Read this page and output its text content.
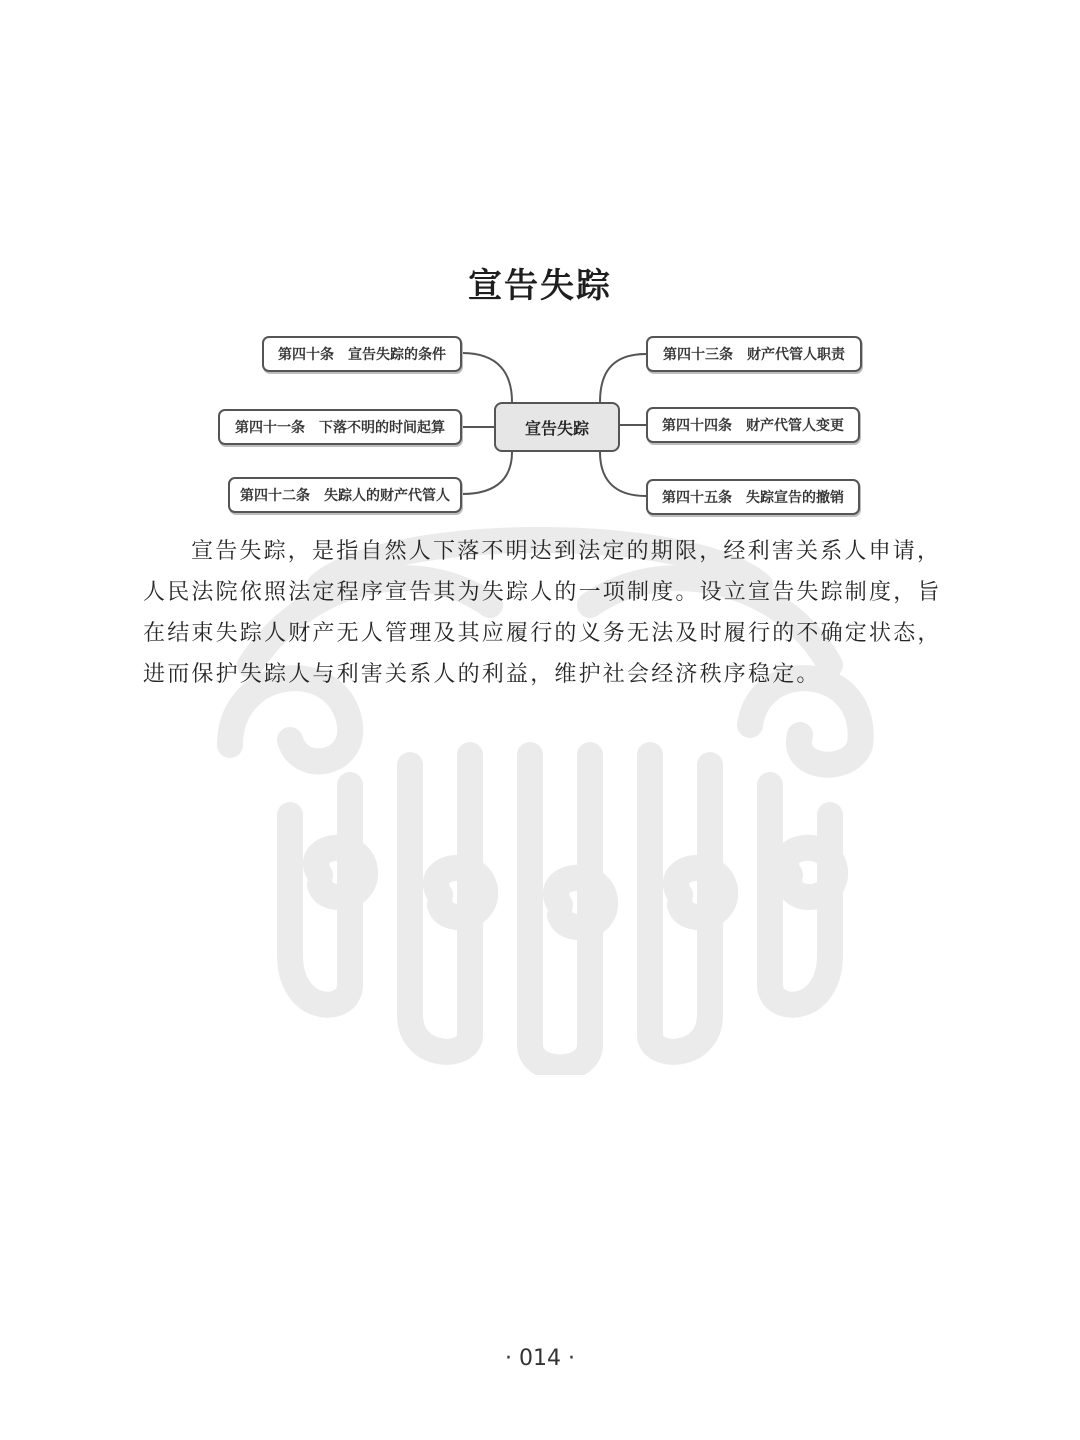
宣告失踪
第四十条　宣告失踪的条件
第四十一条　下落不明的时间起算
第四十二条　失踪人的财产代管人
宣告失踪
第四十三条　财产代管人职责
第四十四条　财产代管人变更
第四十五条　失踪宣告的撤销

宣告失踪，是指自然人下落不明达到法定的期限，经利害关系人申请，人民法院依照法定程序宣告其为失踪人的一项制度。设立宣告失踪制度，旨在结束失踪人财产无人管理及其应履行的义务无法及时履行的不确定状态，进而保护失踪人与利害关系人的利益，维护社会经济秩序稳定。

· 014 ·
